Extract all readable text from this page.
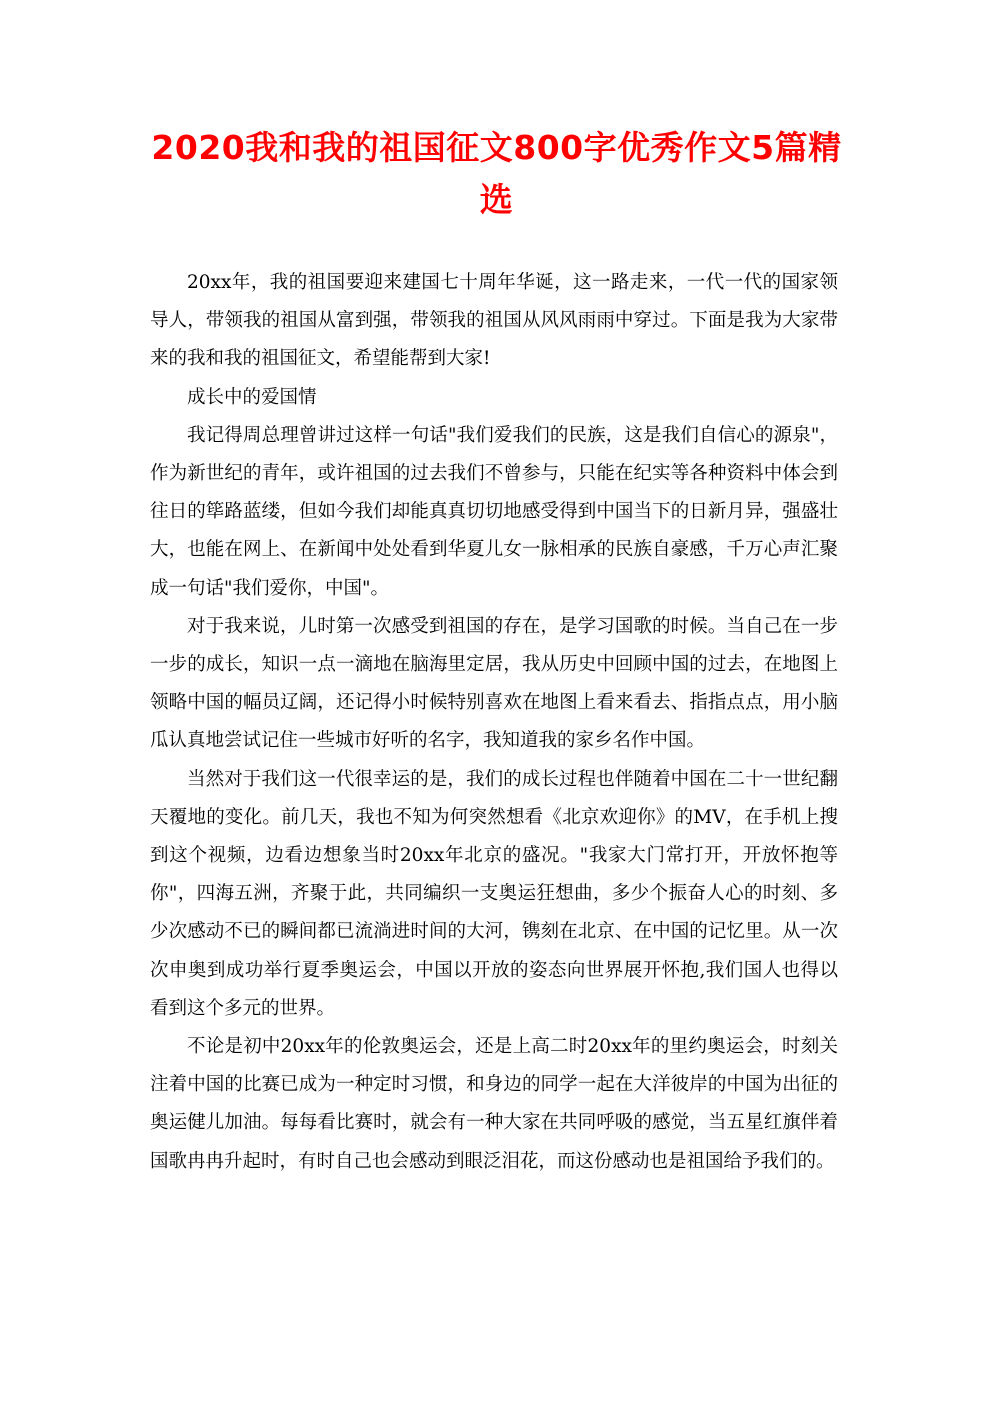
2020我和我的祖国征文800字优秀作文5篇精选

20xx年，我的祖国要迎来建国七十周年华诞，这一路走来，一代一代的国家领导人，带领我的祖国从富到强，带领我的祖国从风风雨雨中穿过。下面是我为大家带来的我和我的祖国征文，希望能帮到大家!

成长中的爱国情

我记得周总理曾讲过这样一句话"我们爱我们的民族，这是我们自信心的源泉"，作为新世纪的青年，或许祖国的过去我们不曾参与，只能在纪实等各种资料中体会到往日的筚路蓝缕，但如今我们却能真真切切地感受得到中国当下的日新月异，强盛壮大，也能在网上、在新闻中处处看到华夏儿女一脉相承的民族自豪感，千万心声汇聚成一句话"我们爱你，中国"。

对于我来说，儿时第一次感受到祖国的存在，是学习国歌的时候。当自己在一步一步的成长，知识一点一滴地在脑海里定居，我从历史中回顾中国的过去，在地图上领略中国的幅员辽阔，还记得小时候特别喜欢在地图上看来看去、指指点点，用小脑瓜认真地尝试记住一些城市好听的名字，我知道我的家乡名作中国。

当然对于我们这一代很幸运的是，我们的成长过程也伴随着中国在二十一世纪翻天覆地的变化。前几天，我也不知为何突然想看《北京欢迎你》的MV，在手机上搜到这个视频，边看边想象当时20xx年北京的盛况。"我家大门常打开，开放怀抱等你"，四海五洲，齐聚于此，共同编织一支奥运狂想曲，多少个振奋人心的时刻、多少次感动不已的瞬间都已流淌进时间的大河，镌刻在北京、在中国的记忆里。从一次次申奥到成功举行夏季奥运会，中国以开放的姿态向世界展开怀抱,我们国人也得以看到这个多元的世界。

不论是初中20xx年的伦敦奥运会，还是上高二时20xx年的里约奥运会，时刻关注着中国的比赛已成为一种定时习惯，和身边的同学一起在大洋彼岸的中国为出征的奥运健儿加油。每每看比赛时，就会有一种大家在共同呼吸的感觉，当五星红旗伴着国歌冉冉升起时，有时自己也会感动到眼泛泪花，而这份感动也是祖国给予我们的。
